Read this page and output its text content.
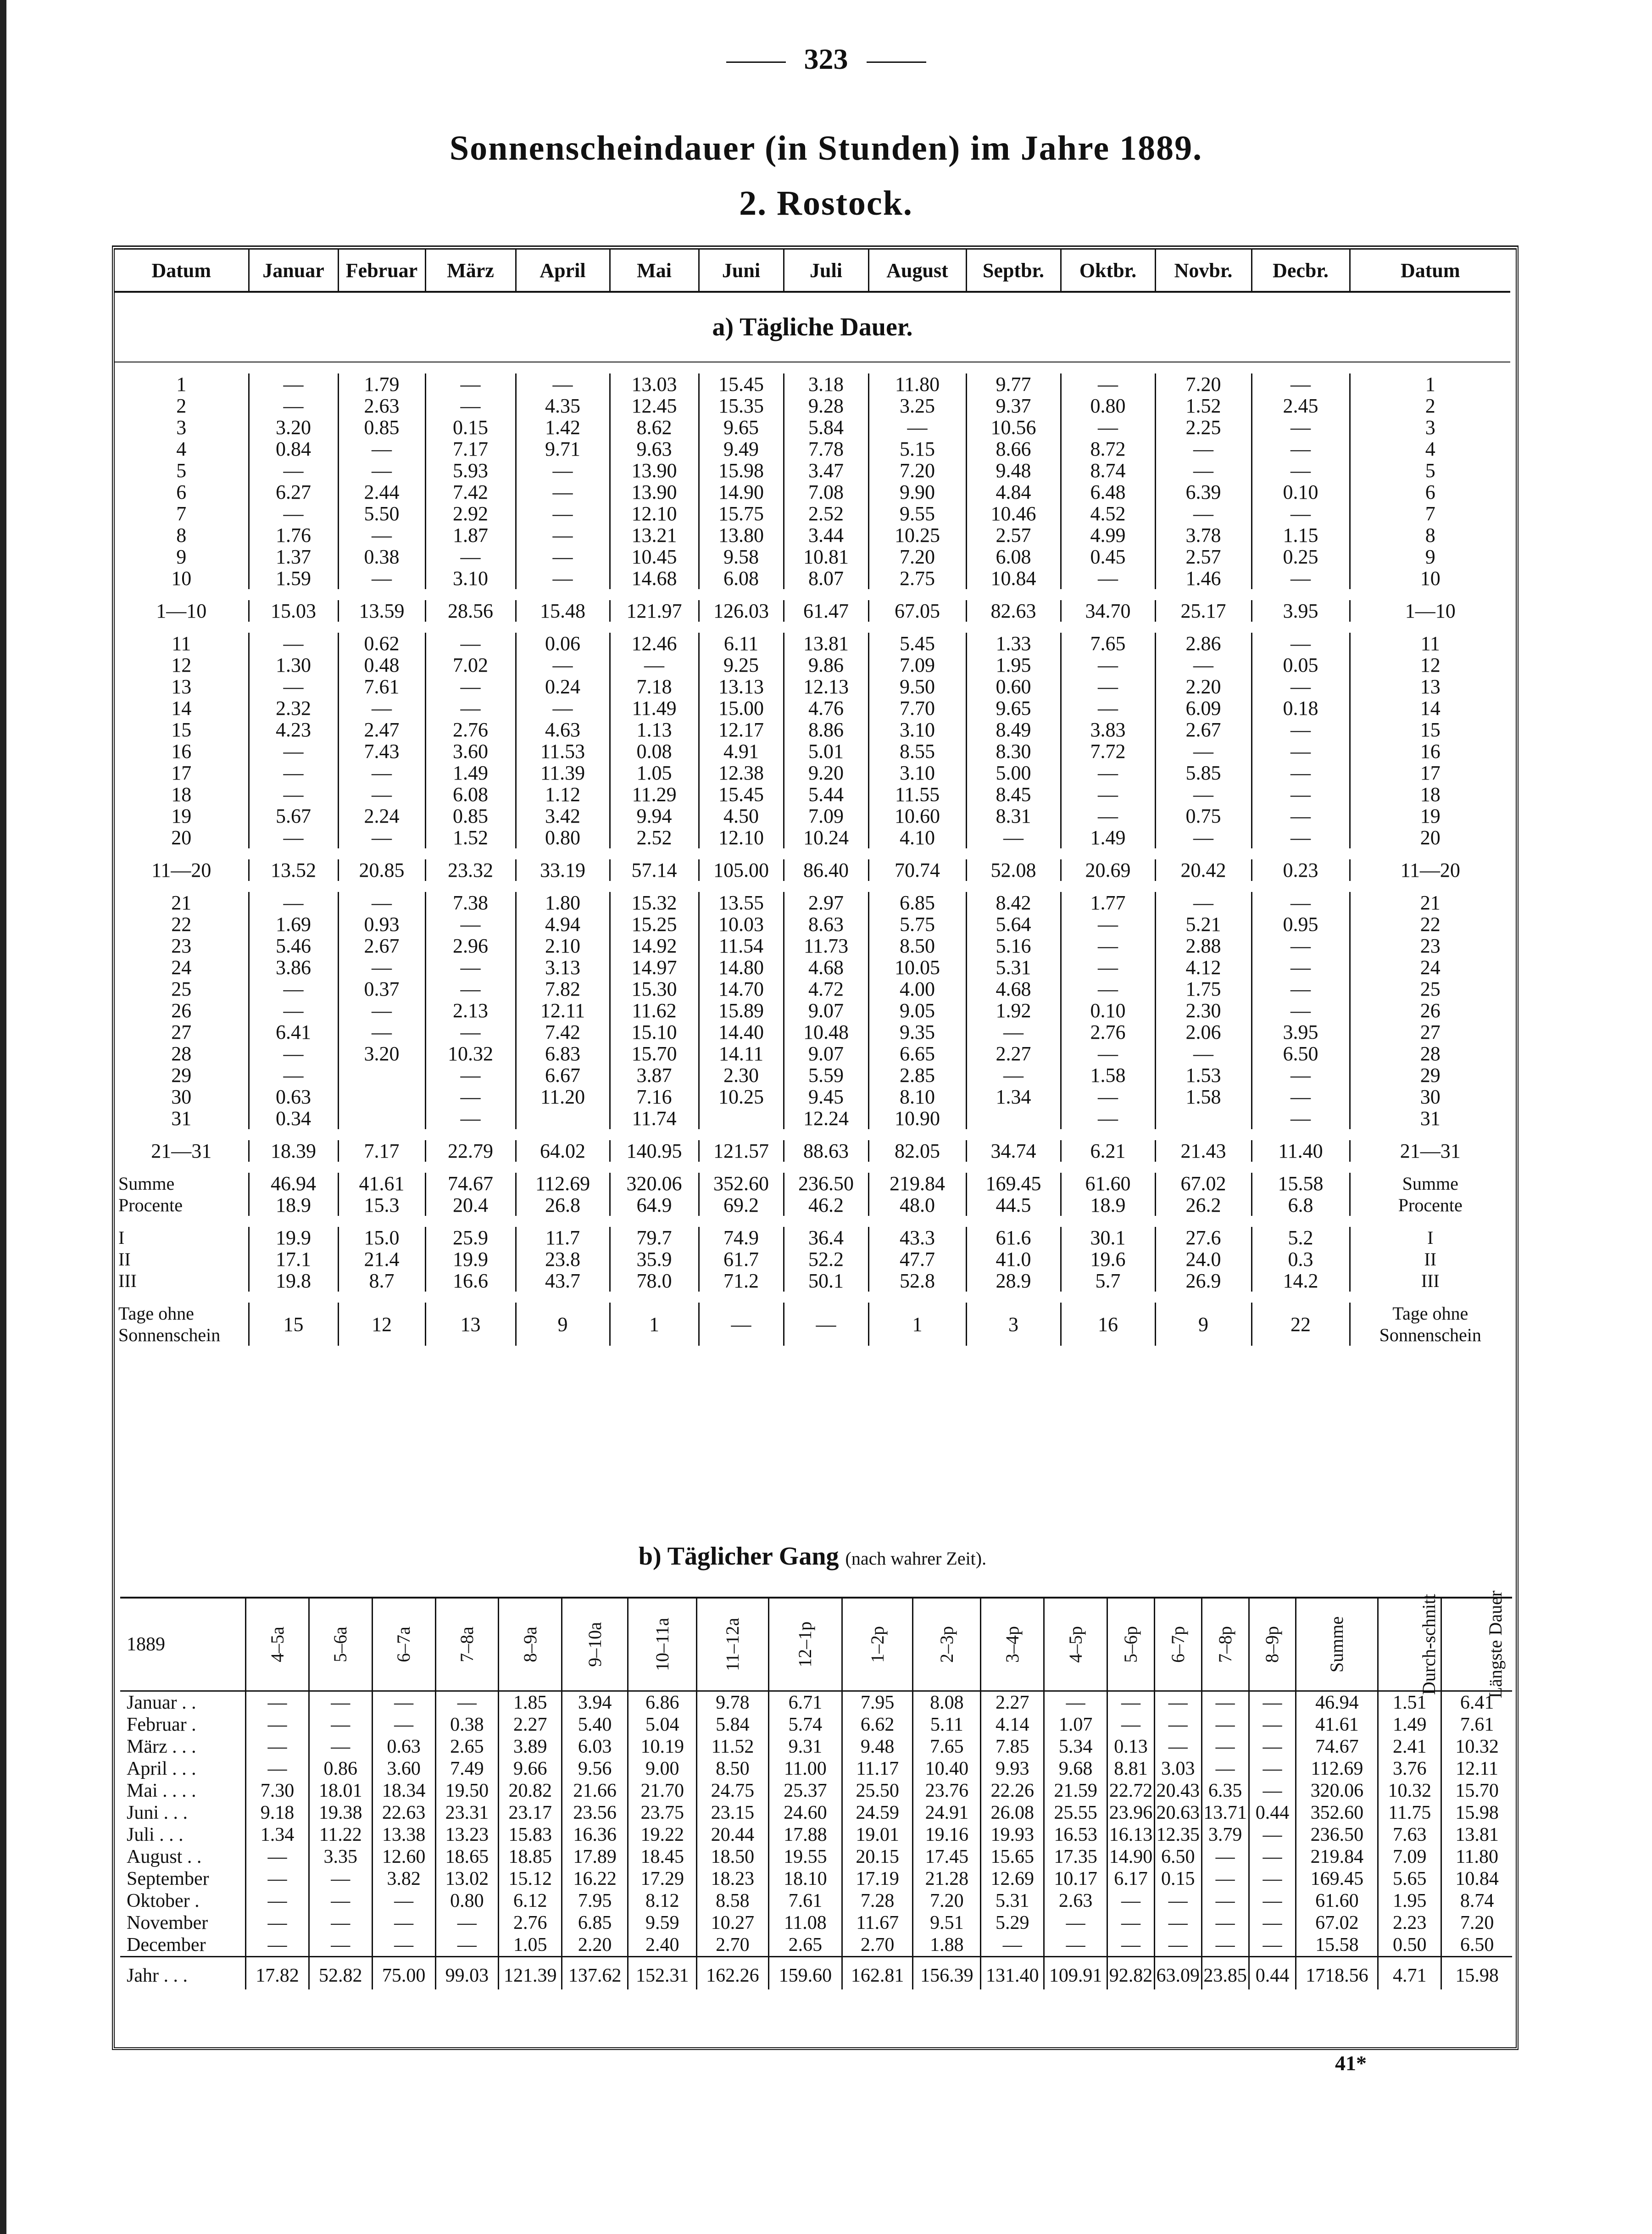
323
Sonnenscheindauer (in Stunden) im Jahre 1889.
2. Rostock.
Datum	Januar	Februar	März	April	Mai	Juni	Juli	August	Septbr.	Oktbr.	Novbr.	Decbr.	Datum
a) Tägliche Dauer.													

1	—	1.79	—	—	13.03	15.45	3.18	11.80	9.77	—	7.20	—	1
2	—	2.63	—	4.35	12.45	15.35	9.28	3.25	9.37	0.80	1.52	2.45	2
3	3.20	0.85	0.15	1.42	8.62	9.65	5.84	—	10.56	—	2.25	—	3
4	0.84	—	7.17	9.71	9.63	9.49	7.78	5.15	8.66	8.72	—	—	4
5	—	—	5.93	—	13.90	15.98	3.47	7.20	9.48	8.74	—	—	5
6	6.27	2.44	7.42	—	13.90	14.90	7.08	9.90	4.84	6.48	6.39	0.10	6
7	—	5.50	2.92	—	12.10	15.75	2.52	9.55	10.46	4.52	—	—	7
8	1.76	—	1.87	—	13.21	13.80	3.44	10.25	2.57	4.99	3.78	1.15	8
9	1.37	0.38	—	—	10.45	9.58	10.81	7.20	6.08	0.45	2.57	0.25	9
10	1.59	—	3.10	—	14.68	6.08	8.07	2.75	10.84	—	1.46	—	10

1—10	15.03	13.59	28.56	15.48	121.97	126.03	61.47	67.05	82.63	34.70	25.17	3.95	1—10

11	—	0.62	—	0.06	12.46	6.11	13.81	5.45	1.33	7.65	2.86	—	11
12	1.30	0.48	7.02	—	—	9.25	9.86	7.09	1.95	—	—	0.05	12
13	—	7.61	—	0.24	7.18	13.13	12.13	9.50	0.60	—	2.20	—	13
14	2.32	—	—	—	11.49	15.00	4.76	7.70	9.65	—	6.09	0.18	14
15	4.23	2.47	2.76	4.63	1.13	12.17	8.86	3.10	8.49	3.83	2.67	—	15
16	—	7.43	3.60	11.53	0.08	4.91	5.01	8.55	8.30	7.72	—	—	16
17	—	—	1.49	11.39	1.05	12.38	9.20	3.10	5.00	—	5.85	—	17
18	—	—	6.08	1.12	11.29	15.45	5.44	11.55	8.45	—	—	—	18
19	5.67	2.24	0.85	3.42	9.94	4.50	7.09	10.60	8.31	—	0.75	—	19
20	—	—	1.52	0.80	2.52	12.10	10.24	4.10	—	1.49	—	—	20

11—20	13.52	20.85	23.32	33.19	57.14	105.00	86.40	70.74	52.08	20.69	20.42	0.23	11—20

21	—	—	7.38	1.80	15.32	13.55	2.97	6.85	8.42	1.77	—	—	21
22	1.69	0.93	—	4.94	15.25	10.03	8.63	5.75	5.64	—	5.21	0.95	22
23	5.46	2.67	2.96	2.10	14.92	11.54	11.73	8.50	5.16	—	2.88	—	23
24	3.86	—	—	3.13	14.97	14.80	4.68	10.05	5.31	—	4.12	—	24
25	—	0.37	—	7.82	15.30	14.70	4.72	4.00	4.68	—	1.75	—	25
26	—	—	2.13	12.11	11.62	15.89	9.07	9.05	1.92	0.10	2.30	—	26
27	6.41	—	—	7.42	15.10	14.40	10.48	9.35	—	2.76	2.06	3.95	27
28	—	3.20	10.32	6.83	15.70	14.11	9.07	6.65	2.27	—	—	6.50	28
29	—		—	6.67	3.87	2.30	5.59	2.85	—	1.58	1.53	—	29
30	0.63		—	11.20	7.16	10.25	9.45	8.10	1.34	—	1.58	—	30
31	0.34		—		11.74		12.24	10.90		—		—	31

21—31	18.39	7.17	22.79	64.02	140.95	121.57	88.63	82.05	34.74	6.21	21.43	11.40	21—31

Summe	46.94	41.61	74.67	112.69	320.06	352.60	236.50	219.84	169.45	61.60	67.02	15.58	Summe
Procente	18.9	15.3	20.4	26.8	64.9	69.2	46.2	48.0	44.5	18.9	26.2	6.8	Procente

I	19.9	15.0	25.9	11.7	79.7	74.9	36.4	43.3	61.6	30.1	27.6	5.2	I
II	17.1	21.4	19.9	23.8	35.9	61.7	52.2	47.7	41.0	19.6	24.0	0.3	II
III	19.8	8.7	16.6	43.7	78.0	71.2	50.1	52.8	28.9	5.7	26.9	14.2	III

Tage ohne Sonnenschein	15	12	13	9	1	—	—	1	3	16	9	22	Tage ohne Sonnenschein
b) Täglicher Gang (nach wahrer Zeit).
1889	4–5a	5–6a	6–7a	7–8a	8–9a	9–10a	10–11a	11–12a	12–1p	1–2p	2–3p	3–4p	4–5p	5–6p	6–7p	7–8p	8–9p	Summe	Durch-schnitt	Längste Dauer
Januar . .	—	—	—	—	1.85	3.94	6.86	9.78	6.71	7.95	8.08	2.27	—	—	—	—	—	46.94	1.51	6.41
Februar .	—	—	—	0.38	2.27	5.40	5.04	5.84	5.74	6.62	5.11	4.14	1.07	—	—	—	—	41.61	1.49	7.61
März . . .	—	—	0.63	2.65	3.89	6.03	10.19	11.52	9.31	9.48	7.65	7.85	5.34	0.13	—	—	—	74.67	2.41	10.32
April . . .	—	0.86	3.60	7.49	9.66	9.56	9.00	8.50	11.00	11.17	10.40	9.93	9.68	8.81	3.03	—	—	112.69	3.76	12.11
Mai . . . .	7.30	18.01	18.34	19.50	20.82	21.66	21.70	24.75	25.37	25.50	23.76	22.26	21.59	22.72	20.43	6.35	—	320.06	10.32	15.70
Juni . . .	9.18	19.38	22.63	23.31	23.17	23.56	23.75	23.15	24.60	24.59	24.91	26.08	25.55	23.96	20.63	13.71	0.44	352.60	11.75	15.98
Juli . . .	1.34	11.22	13.38	13.23	15.83	16.36	19.22	20.44	17.88	19.01	19.16	19.93	16.53	16.13	12.35	3.79	—	236.50	7.63	13.81
August . .	—	3.35	12.60	18.65	18.85	17.89	18.45	18.50	19.55	20.15	17.45	15.65	17.35	14.90	6.50	—	—	219.84	7.09	11.80
September	—	—	3.82	13.02	15.12	16.22	17.29	18.23	18.10	17.19	21.28	12.69	10.17	6.17	0.15	—	—	169.45	5.65	10.84
Oktober .	—	—	—	0.80	6.12	7.95	8.12	8.58	7.61	7.28	7.20	5.31	2.63	—	—	—	—	61.60	1.95	8.74
November	—	—	—	—	2.76	6.85	9.59	10.27	11.08	11.67	9.51	5.29	—	—	—	—	—	67.02	2.23	7.20
December	—	—	—	—	1.05	2.20	2.40	2.70	2.65	2.70	1.88	—	—	—	—	—	—	15.58	0.50	6.50
Jahr . . .	17.82	52.82	75.00	99.03	121.39	137.62	152.31	162.26	159.60	162.81	156.39	131.40	109.91	92.82	63.09	23.85	0.44	1718.56	4.71	15.98
41*
